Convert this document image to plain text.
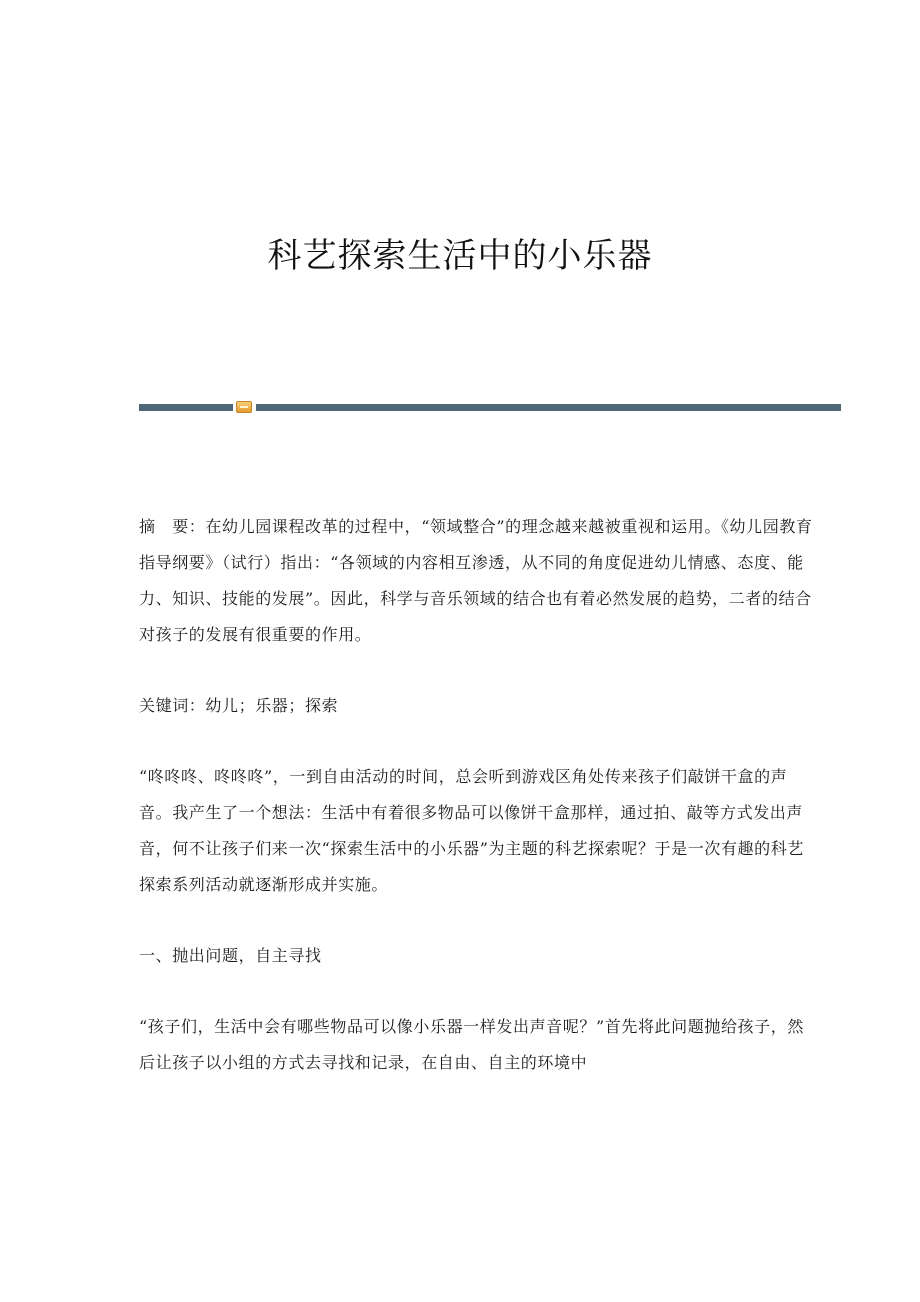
科艺探索生活中的小乐器

摘　要：在幼儿园课程改革的过程中，“领域整合”的理念越来越被重视和运用。《幼儿园教育指导纲要》（试行）指出：“各领域的内容相互渗透，从不同的角度促进幼儿情感、态度、能力、知识、技能的发展”。因此，科学与音乐领域的结合也有着必然发展的趋势，二者的结合对孩子的发展有很重要的作用。

关键词：幼儿；乐器；探索

“咚咚咚、咚咚咚”，一到自由活动的时间，总会听到游戏区角处传来孩子们敲饼干盒的声音。我产生了一个想法：生活中有着很多物品可以像饼干盒那样，通过拍、敲等方式发出声音，何不让孩子们来一次“探索生活中的小乐器”为主题的科艺探索呢？于是一次有趣的科艺探索系列活动就逐渐形成并实施。

一、抛出问题，自主寻找

“孩子们，生活中会有哪些物品可以像小乐器一样发出声音呢？”首先将此问题抛给孩子，然后让孩子以小组的方式去寻找和记录，在自由、自主的环境中
